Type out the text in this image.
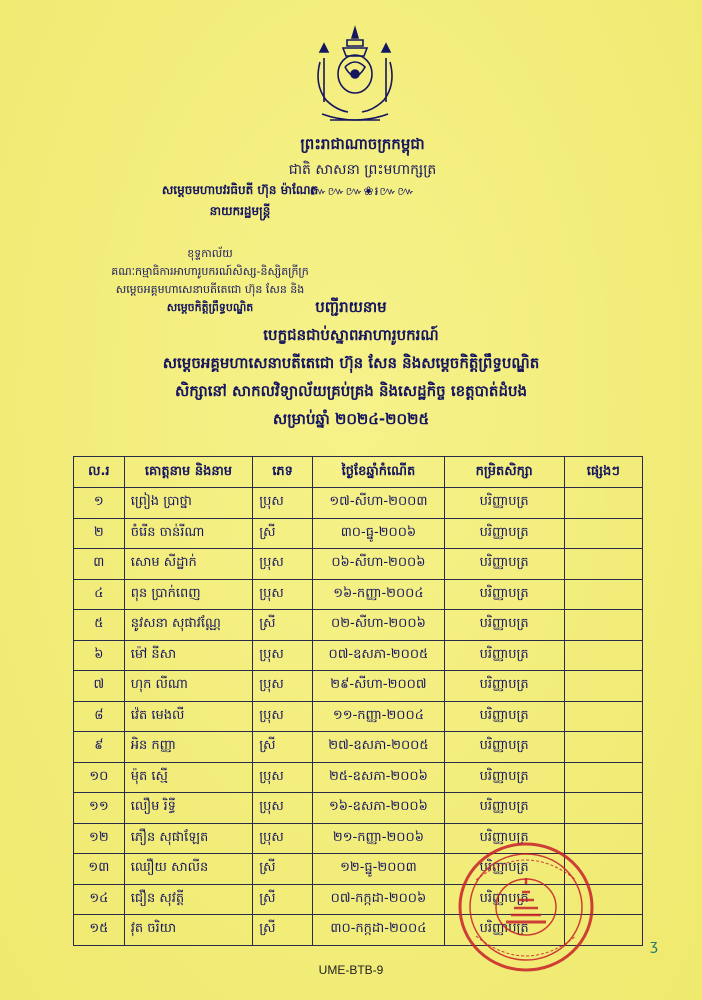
ព្រះរាជាណាចក្រកម្ពុជា
ជាតិ សាសនា ព្រះមហាក្សត្រ
៚៚៚❀៛៚៚
សម្តេចមហាបវរធិបតី ហ៊ុន ម៉ាណែត
នាយករដ្ឋមន្ត្រី
ខុទ្ទកាល័យ
គណៈកម្មាធិការអាហារូបករណ៍សិស្ស-និស្សិតក្រីក្រ
សម្តេចអគ្គមហាសេនាបតីតេជោ ហ៊ុន សែន និង
សម្តេចកិត្តិព្រឹទ្ធបណ្ឌិត	បញ្ជីរាយនាម
បេក្ខជនជាប់ស្នាពអាហារូបករណ៍
សម្តេចអគ្គមហាសេនាបតីតេជោ ហ៊ុន សែន និងសម្តេចកិត្តិព្រឹទ្ធបណ្ឌិត
សិក្សានៅ សាកលវិទ្យាល័យគ្រប់គ្រង និងសេដ្ឋកិច្ច ខេត្តបាត់ដំបង
សម្រាប់ឆ្នាំ ២០២៤-២០២៥
ល.រ	គោត្តនាម និងនាម	ភេទ	ថ្ងៃខែឆ្នាំកំណើត	កម្រិតសិក្សា	ផ្សេងៗ
១	ព្រៀង ប្រាថ្នា	ប្រុស	១៧-សីហា-២០០៣	បរិញ្ញាបត្រ	
២	ចំរើន ចាន់រីណា	ស្រី	៣០-ធ្នូ-២០០៦	បរិញ្ញាបត្រ	
៣	សោម សីដ្ឋាក់	ប្រុស	០៦-សីហា-២០០៦	បរិញ្ញាបត្រ	
៤	ពុន ប្រាក់ពេញ	ប្រុស	១៦-កញ្ញា-២០០៤	បរិញ្ញាបត្រ	
៥	នូវសនា សុផាវណ្ណែ	ស្រី	០២-សីហា-២០០៦	បរិញ្ញាបត្រ	
៦	ម៉ៅ នីសា	ប្រុស	០៧-ឧសភា-២០០៥	បរិញ្ញាបត្រ	
៧	ហុក លីណា	ប្រុស	២៩-សីហា-២០០៧	បរិញ្ញាបត្រ	
៨	វ៉េត មេងលី	ប្រុស	១១-កញ្ញា-២០០៤	បរិញ្ញាបត្រ	
៩	អិន កញ្ញា	ស្រី	២៧-ឧសភា-២០០៥	បរិញ្ញាបត្រ	
១០	ម៉ុត ស្មើ	ប្រុស	២៥-ឧសភា-២០០៦	បរិញ្ញាបត្រ	
១១	លឿម រិទ្ធី	ប្រុស	១៦-ឧសភា-២០០៦	បរិញ្ញាបត្រ	
១២	ភឿន សុផាឡែត	ប្រុស	២១-កញ្ញា-២០០៦	បរិញ្ញាបត្រ	
១៣	ឈឿយ សាលីន	ស្រី	១២-ធ្នូ-២០០៣	បរិញ្ញាបត្រ	
១៤	ជឿន សុវត្តី	ស្រី	០៧-កក្កដា-២០០៦	បរិញ្ញាបត្រ	
១៥	វុត ចរិយា	ស្រី	៣០-កក្កដា-២០០៤	បរិញ្ញាបត្រ	
ʒ
UME-BTB-9
